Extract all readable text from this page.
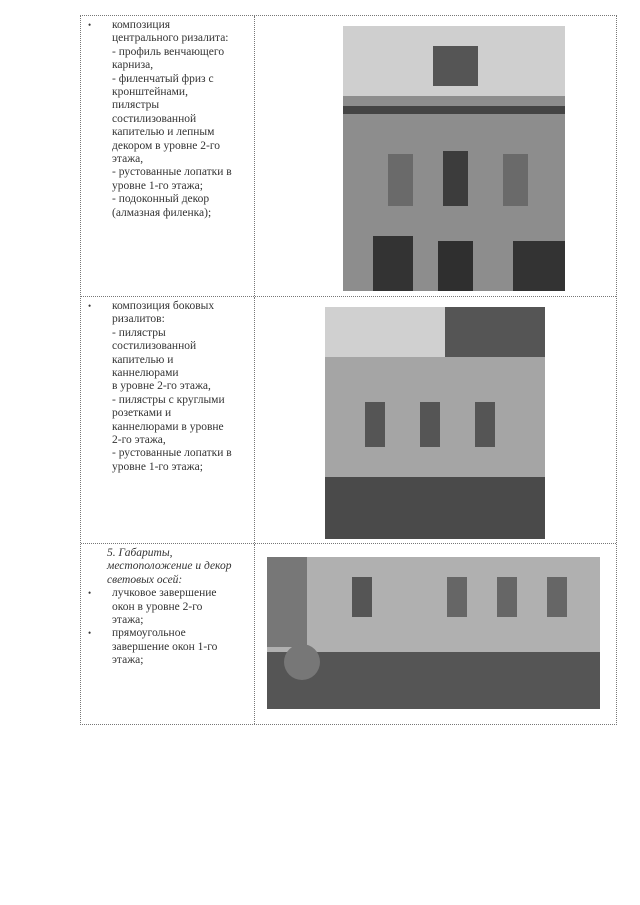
•	композиция
центрального ризалита:
- профиль венчающего
карниза,
- филенчатый фриз с
кронштейнами,
пилястры
состилизованной
капителью и лепным
декором в уровне 2-го
этажа,
- рустованные лопатки в
уровне 1-го этажа;
- подоконный декор
(алмазная филенка);
•	композиция боковых
ризалитов:
- пилястры
состилизованной
капителью и
каннелюрами
в уровне 2-го этажа,
- пилястры с круглыми
розетками и
каннелюрами в уровне
2-го этажа,
- рустованные лопатки в
уровне 1-го этажа;
5. Габариты,
местоположение и декор
световых осей:
•	лучковое завершение
окон в уровне 2-го
этажа;
•	прямоугольное
завершение окон 1-го
этажа;
